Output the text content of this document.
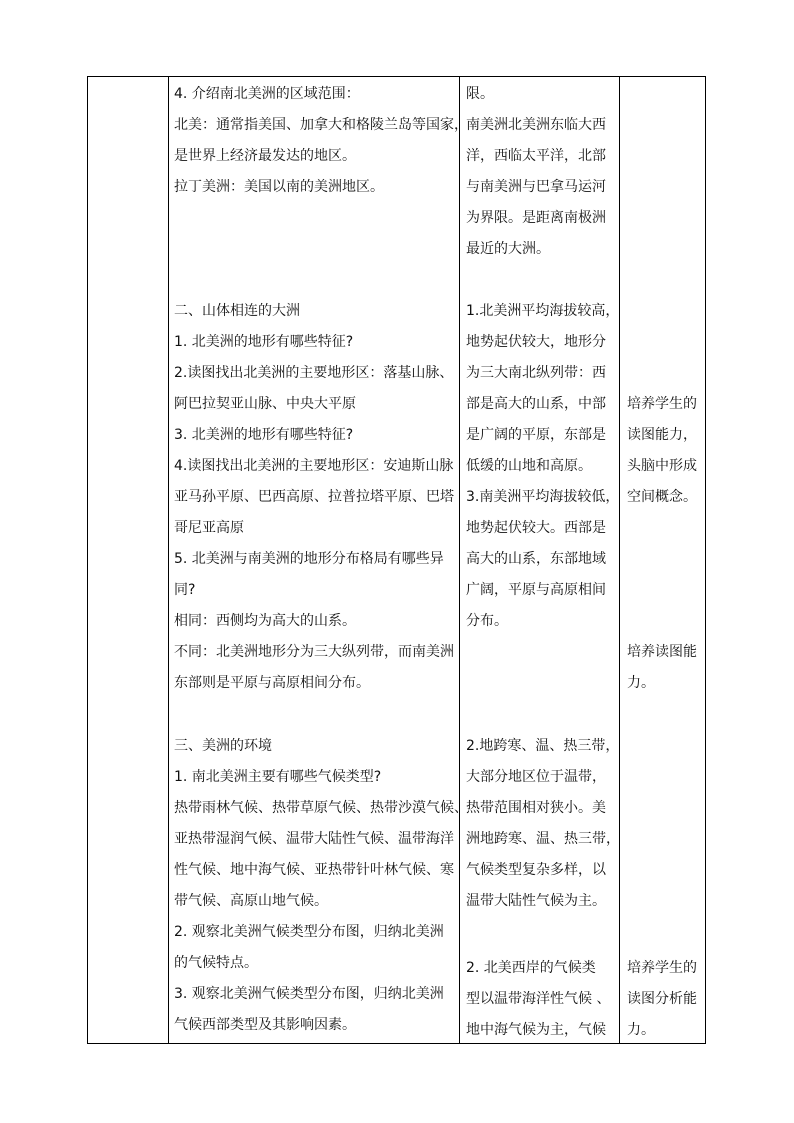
4. 介绍南北美洲的区域范围：
北美：通常指美国、加拿大和格陵兰岛等国家，
是世界上经济最发达的地区。
拉丁美洲：美国以南的美洲地区。
二、山体相连的大洲
1. 北美洲的地形有哪些特征?
2.读图找出北美洲的主要地形区：落基山脉、
阿巴拉契亚山脉、中央大平原
3. 北美洲的地形有哪些特征?
4.读图找出北美洲的主要地形区：安迪斯山脉
亚马孙平原、巴西高原、拉普拉塔平原、巴塔
哥尼亚高原
5. 北美洲与南美洲的地形分布格局有哪些异
同?
相同：西侧均为高大的山系。
不同：北美洲地形分为三大纵列带，而南美洲
东部则是平原与高原相间分布。
三、美洲的环境
1. 南北美洲主要有哪些气候类型?
热带雨林气候、热带草原气候、热带沙漠气候、
亚热带湿润气候、温带大陆性气候、温带海洋
性气候、地中海气候、亚热带针叶林气候、寒
带气候、高原山地气候。
2. 观察北美洲气候类型分布图，归纳北美洲
的气候特点。
3. 观察北美洲气候类型分布图，归纳北美洲
气候西部类型及其影响因素。
限。
南美洲北美洲东临大西
洋，西临太平洋，北部
与南美洲与巴拿马运河
为界限。是距离南极洲
最近的大洲。
1.北美洲平均海拔较高，
地势起伏较大，地形分
为三大南北纵列带：西
部是高大的山系，中部
是广阔的平原，东部是
低缓的山地和高原。
3.南美洲平均海拔较低，
地势起伏较大。西部是
高大的山系，东部地域
广阔，平原与高原相间
分布。
2.地跨寒、温、热三带，
大部分地区位于温带，
热带范围相对狭小。美
洲地跨寒、温、热三带，
气候类型复杂多样，以
温带大陆性气候为主。
2. 北美西岸的气候类
型以温带海洋性气候 、
地中海气候为主，气候
培养学生的
读图能力，
头脑中形成
空间概念。
培养读图能
力。
培养学生的
读图分析能
力。
